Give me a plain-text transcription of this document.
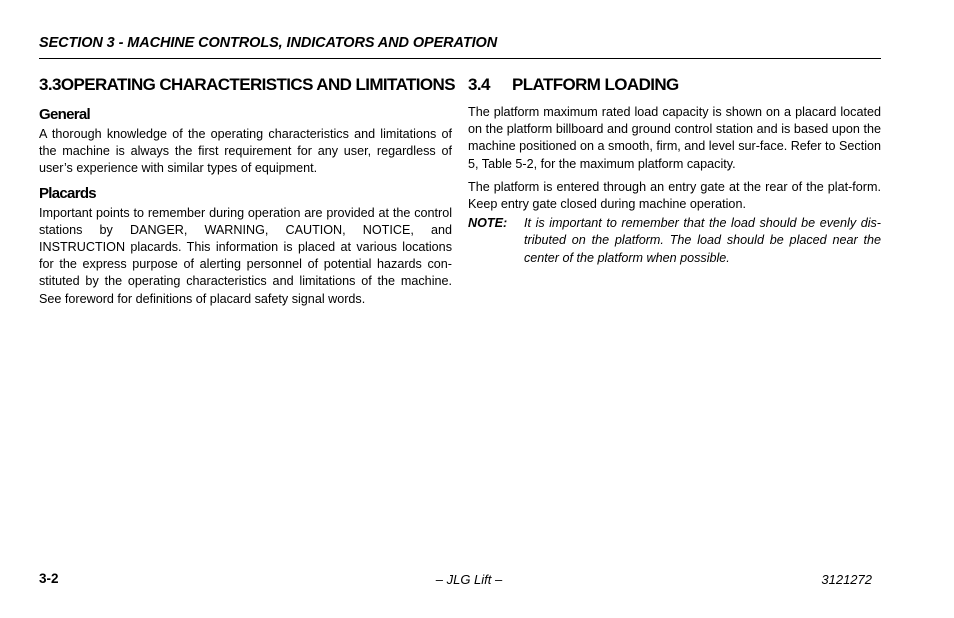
SECTION 3 - MACHINE CONTROLS, INDICATORS AND OPERATION
3.3 OPERATING CHARACTERISTICS AND LIMITATIONS
General

A thorough knowledge of the operating characteristics and limitations of the machine is always the first requirement for any user, regardless of user’s experience with similar types of equipment.

Placards

Important points to remember during operation are provided at the control stations by DANGER, WARNING, CAUTION, NOTICE, and INSTRUCTION placards. This information is placed at various locations for the express purpose of alerting personnel of potential hazards con-stituted by the operating characteristics and limitations of the machine. See foreword for definitions of placard safety signal words.

3.4	PLATFORM LOADING

The platform maximum rated load capacity is shown on a placard located on the platform billboard and ground control station and is based upon the machine positioned on a smooth, firm, and level sur-face. Refer to Section 5, Table 5-2, for the maximum platform capacity.

The platform is entered through an entry gate at the rear of the plat-form. Keep entry gate closed during machine operation.

NOTE:	It is important to remember that the load should be evenly dis-tributed on the platform. The load should be placed near the center of the platform when possible.
3-2	– JLG Lift –	3121272
